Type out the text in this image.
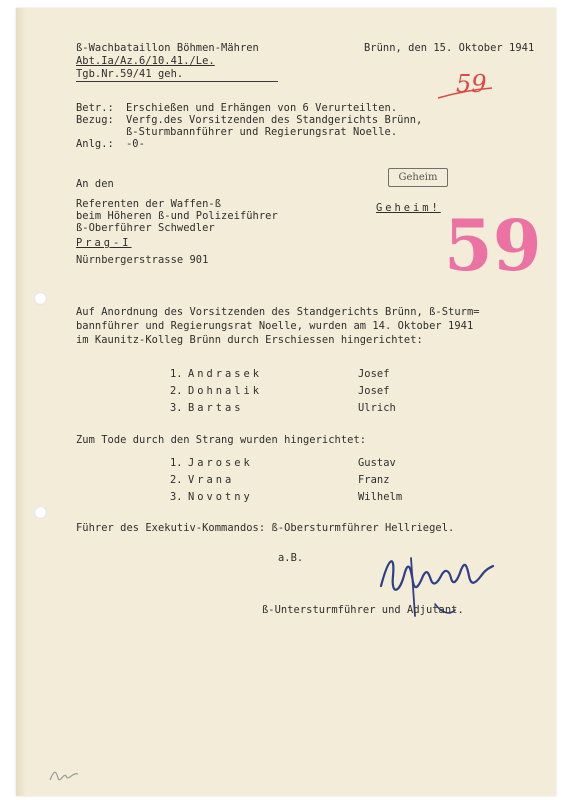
ß-Wachbataillon Böhmen-Mähren	Brünn, den 15. Oktober 1941
Abt.Ia/Az.6/10.41./Le.
Tgb.Nr.59/41 geh.	59
Betr.: Erschießen und Erhängen von 6 Verurteilten.
Bezug: Verfg.des Vorsitzenden des Standgerichts Brünn,
ß-Sturmbannführer und Regierungsrat Noelle.
Anlg.: -0-
Geheim
Geheim! 59
An den
Referenten der Waffen-ß
beim Höheren ß-und Polizeiführer
ß-Oberführer Schwedler
Prag-I
Nürnbergerstrasse 901
Auf Anordnung des Vorsitzenden des Standgerichts Brünn, ß-Sturm=
bannführer und Regierungsrat Noelle, wurden am 14. Oktober 1941
im Kaunitz-Kolleg Brünn durch Erschiessen hingerichtet:
1. Andrasek	Josef
2. Dohnalik	Josef
3. Bartas	Ulrich
Zum Tode durch den Strang wurden hingerichtet:
1. Jarosek	Gustav
2. Vrana	Franz
3. Novotny	Wilhelm
Führer des Exekutiv-Kommandos: ß-Obersturmführer Hellriegel.
a.B.
ß-Untersturmführer und Adjutant.
